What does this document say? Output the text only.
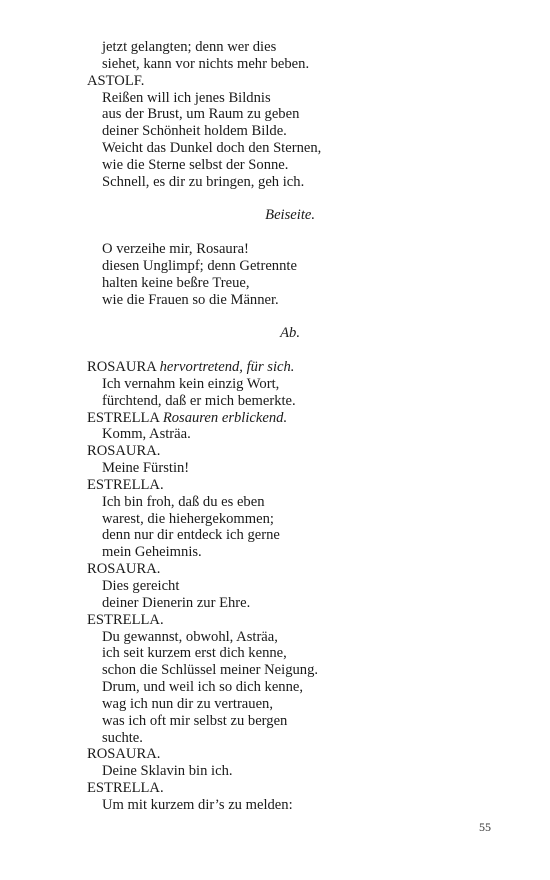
jetzt gelangten; denn wer dies
siehet, kann vor nichts mehr beben.
ASTOLF.
Reißen will ich jenes Bildnis
aus der Brust, um Raum zu geben
deiner Schönheit holdem Bilde.
Weicht das Dunkel doch den Sternen,
wie die Sterne selbst der Sonne.
Schnell, es dir zu bringen, geh ich.
Beiseite.
O verzeihe mir, Rosaura!
diesen Unglimpf; denn Getrennte
halten keine beßre Treue,
wie die Frauen so die Männer.
Ab.
ROSAURA hervortretend, für sich.
Ich vernahm kein einzig Wort,
fürchtend, daß er mich bemerkte.
ESTRELLA Rosauren erblickend.
Komm, Asträa.
ROSAURA.
Meine Fürstin!
ESTRELLA.
Ich bin froh, daß du es eben
warest, die hiehergekommen;
denn nur dir entdeck ich gerne
mein Geheimnis.
ROSAURA.
Dies gereicht
deiner Dienerin zur Ehre.
ESTRELLA.
Du gewannst, obwohl, Asträa,
ich seit kurzem erst dich kenne,
schon die Schlüssel meiner Neigung.
Drum, und weil ich so dich kenne,
wag ich nun dir zu vertrauen,
was ich oft mir selbst zu bergen
suchte.
ROSAURA.
Deine Sklavin bin ich.
ESTRELLA.
Um mit kurzem dir’s zu melden:
55
